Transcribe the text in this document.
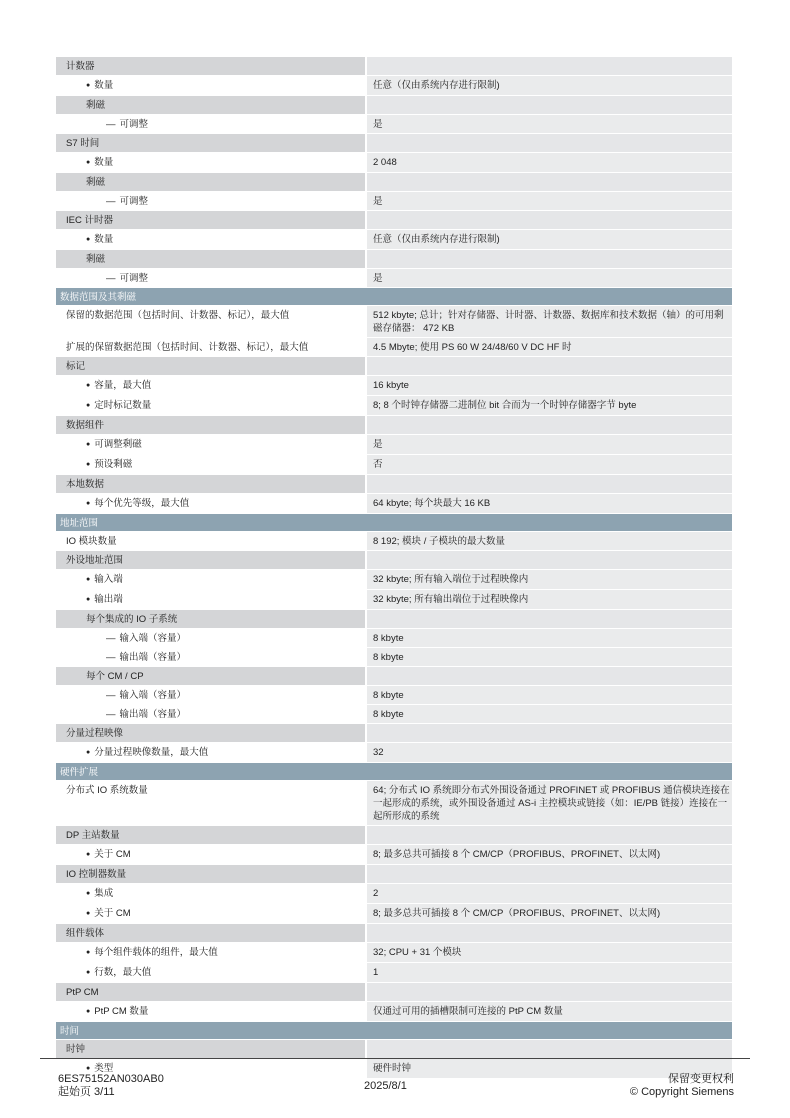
计数器
● 数量	任意（仅由系统内存进行限制)
剩磁
— 可调整	是
S7 时间
● 数量	2 048
剩磁
— 可调整	是
IEC 计时器
● 数量	任意（仅由系统内存进行限制)
剩磁
— 可调整	是
数据范围及其剩磁
保留的数据范围（包括时间、计数器、标记），最大值	512 kbyte; 总计；针对存储器、计时器、计数器、数据库和技术数据（轴）的可用剩磁存储器： 472 KB
扩展的保留数据范围（包括时间、计数器、标记），最大值	4.5 Mbyte; 使用 PS 60 W 24/48/60 V DC HF 时
标记
● 容量，最大值	16 kbyte
● 定时标记数量	8; 8 个时钟存储器二进制位 bit 合而为一个时钟存储器字节 byte
数据组件
● 可调整剩磁	是
● 预设剩磁	否
本地数据
● 每个优先等级，最大值	64 kbyte; 每个块最大 16 KB
地址范围
IO 模块数量	8 192; 模块 / 子模块的最大数量
外设地址范围
● 输入端	32 kbyte; 所有输入端位于过程映像内
● 输出端	32 kbyte; 所有输出端位于过程映像内
每个集成的 IO 子系统
— 输入端（容量）	8 kbyte
— 输出端（容量）	8 kbyte
每个 CM / CP
— 输入端（容量）	8 kbyte
— 输出端（容量）	8 kbyte
分量过程映像
● 分量过程映像数量，最大值	32
硬件扩展
分布式 IO 系统数量	64; 分布式 IO 系统即分布式外围设备通过 PROFINET 或 PROFIBUS 通信模块连接在一起形成的系统，或外围设备通过 AS-i 主控模块或链接（如：IE/PB 链接）连接在一起所形成的系统
DP 主站数量
● 关于 CM	8; 最多总共可插接 8 个 CM/CP（PROFIBUS、PROFINET、以太网)
IO 控制器数量
● 集成	2
● 关于 CM	8; 最多总共可插接 8 个 CM/CP（PROFIBUS、PROFINET、以太网)
组件载体
● 每个组件载体的组件，最大值	32; CPU + 31 个模块
● 行数，最大值	1
PtP CM
● PtP CM 数量	仅通过可用的插槽限制可连接的 PtP CM 数量
时间
时钟
● 类型	硬件时钟
6ES75152AN030AB0
起始页 3/11	2025/8/1
保留变更权利
© Copyright Siemens
